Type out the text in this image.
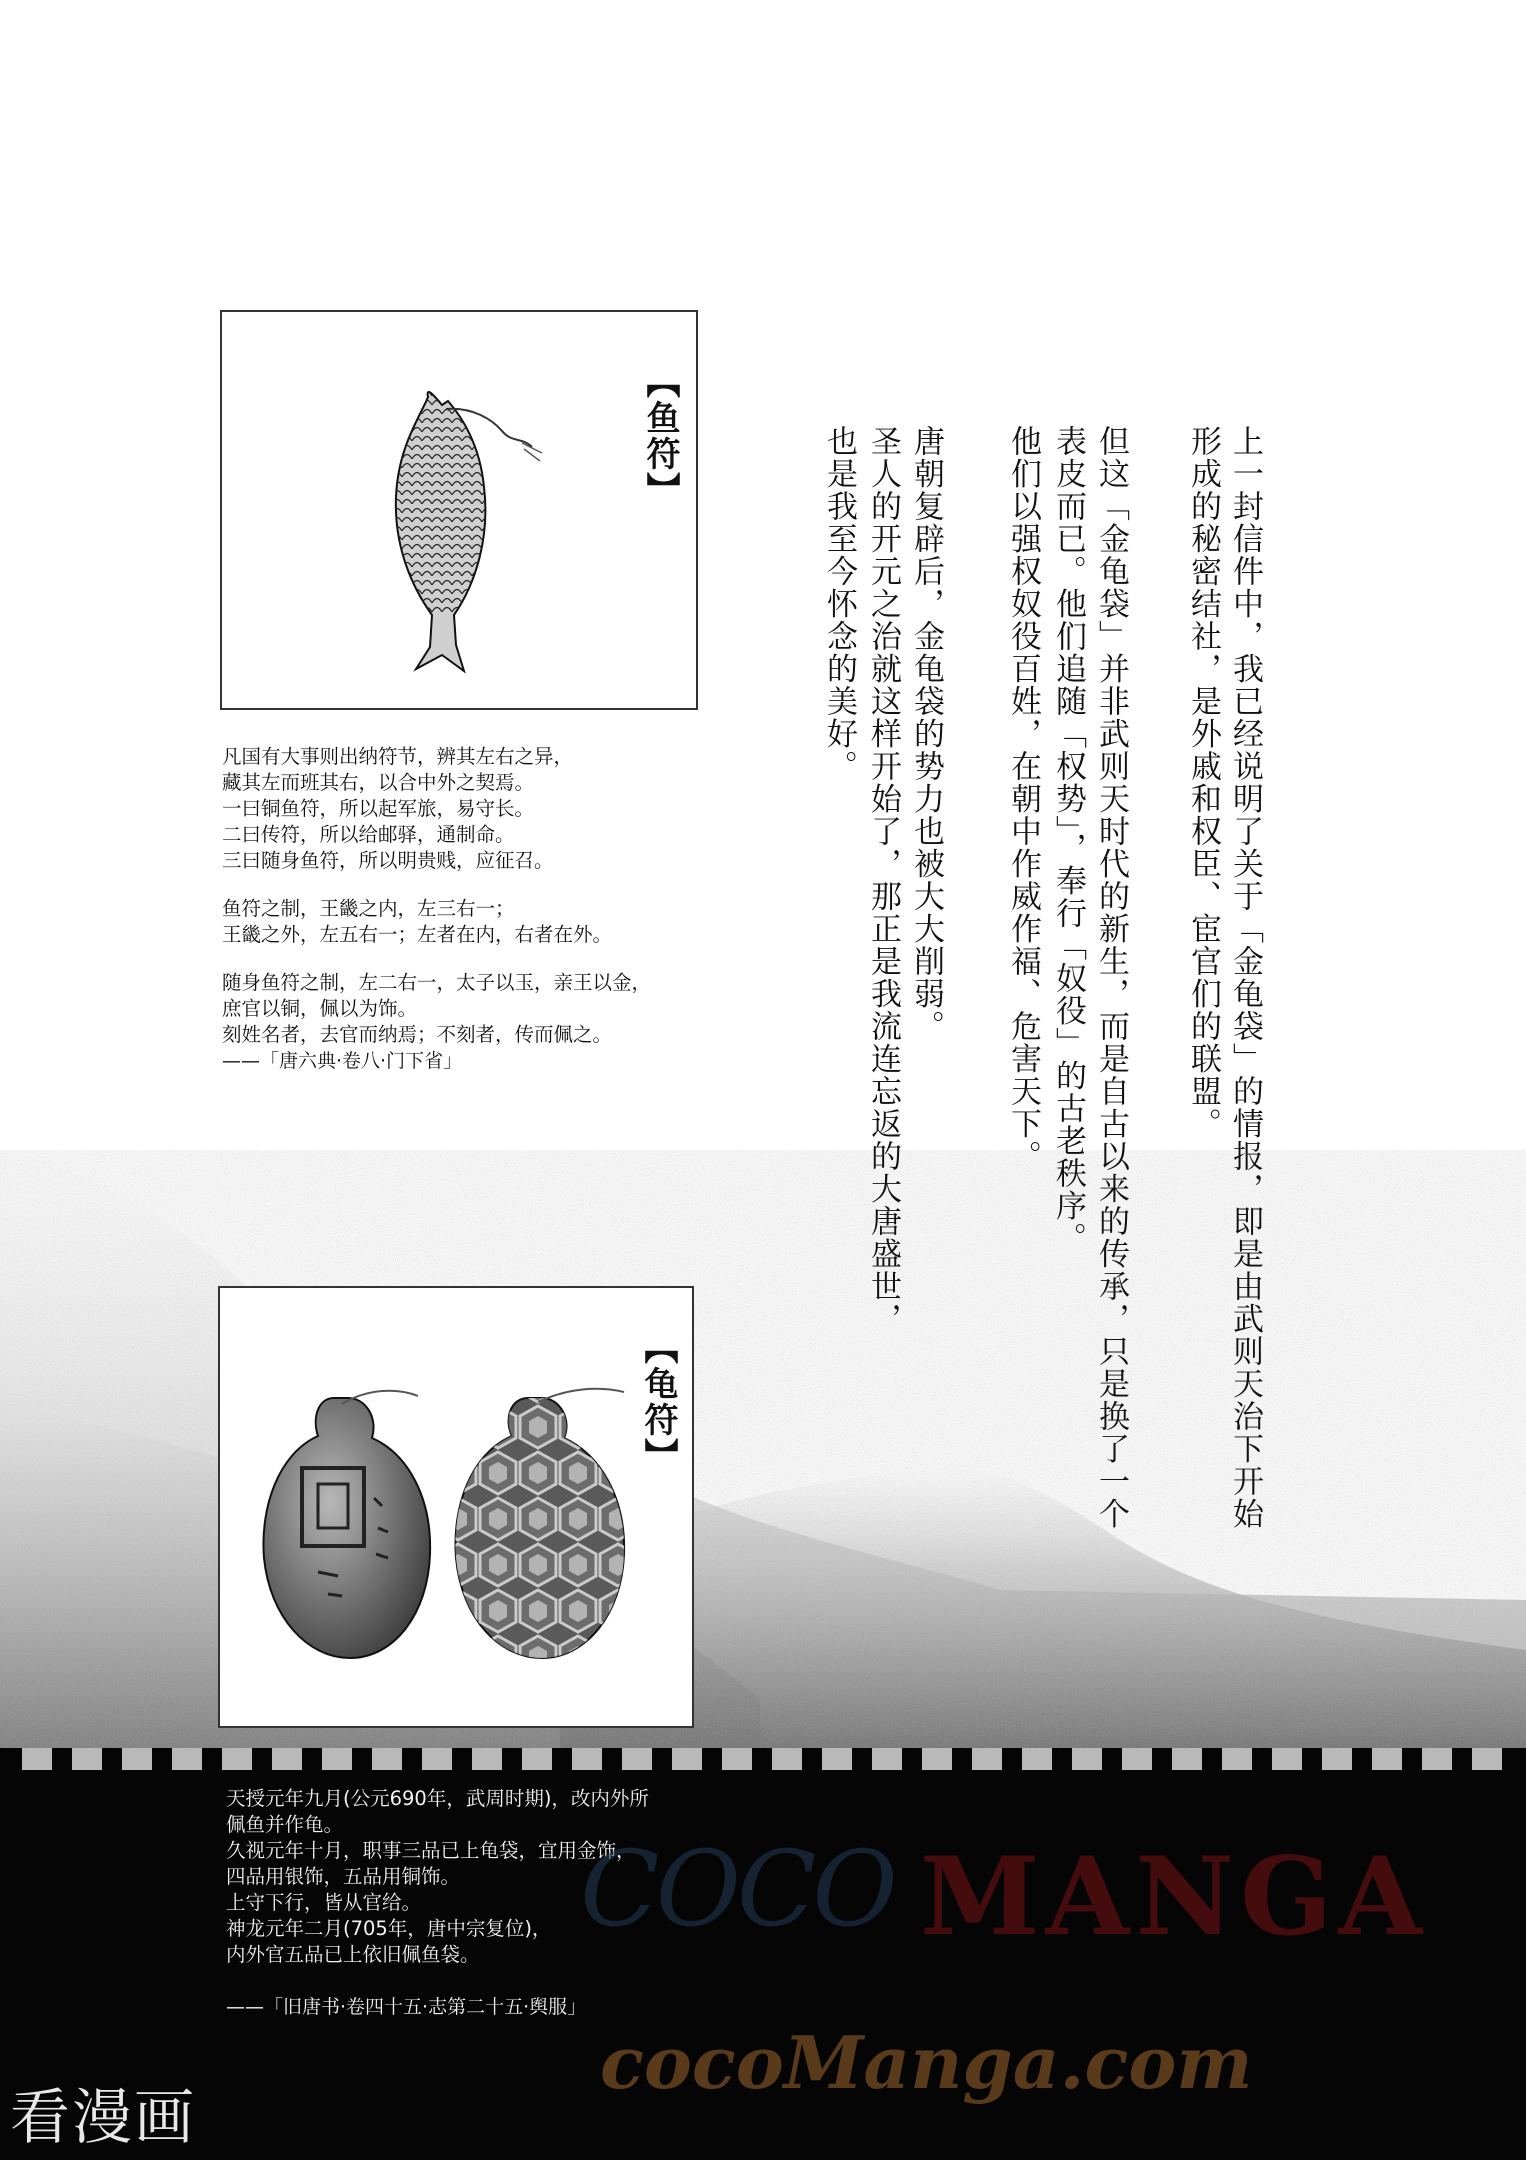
上一封信件中，我已经说明了关于「金龟袋」的情报，即是由武则天治下开始
形成的秘密结社，是外戚和权臣、宦官们的联盟。
但这「金龟袋」并非武则天时代的新生，而是自古以来的传承，只是换了一个
表皮而已。他们追随「权势」，奉行「奴役」的古老秩序。
他们以强权奴役百姓，在朝中作威作福、危害天下。
唐朝复辟后，金龟袋的势力也被大大削弱。
圣人的开元之治就这样开始了，那正是我流连忘返的大唐盛世，
也是我至今怀念的美好。
【鱼符】

凡国有大事则出纳符节，辨其左右之异，

藏其左而班其右，以合中外之契焉。

一曰铜鱼符，所以起军旅，易守长。

二曰传符，所以给邮驿，通制命。

三曰随身鱼符，所以明贵贱，应征召。

鱼符之制，王畿之内，左三右一；

王畿之外，左五右一；左者在内，右者在外。

随身鱼符之制，左二右一，太子以玉，亲王以金，

庶官以铜，佩以为饰。

刻姓名者，去官而纳焉；不刻者，传而佩之。

——「唐六典·卷八·门下省」

【龟符】

天授元年九月(公元690年，武周时期)，改内外所

佩鱼并作龟。

久视元年十月，职事三品已上龟袋，宜用金饰，

四品用银饰，五品用铜饰。

上守下行，皆从官给。

神龙元年二月(705年，唐中宗复位)，

内外官五品已上依旧佩鱼袋。

——「旧唐书·卷四十五·志第二十五·舆服」

COCO MANGA
cocoManga.com
看漫画
